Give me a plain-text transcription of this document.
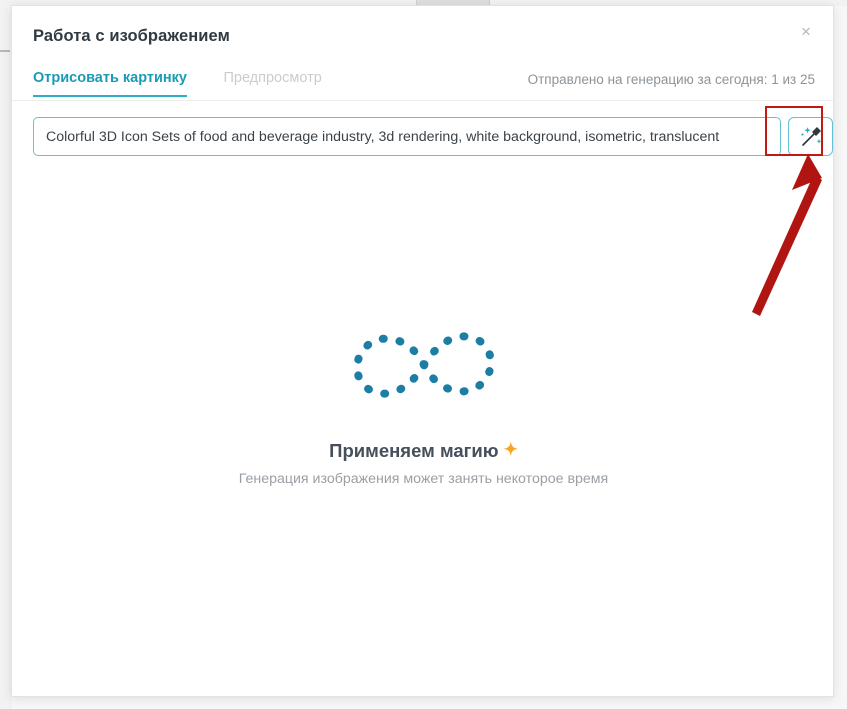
Работа с изображением	×
Отрисовать картинку	Предпросмотр	Отправлено на генерацию за сегодня: 1 из 25
Colorful 3D Icon Sets of food and beverage industry, 3d rendering, white background, isometric, translucent
Применяем магию ✦
Генерация изображения может занять некоторое время
